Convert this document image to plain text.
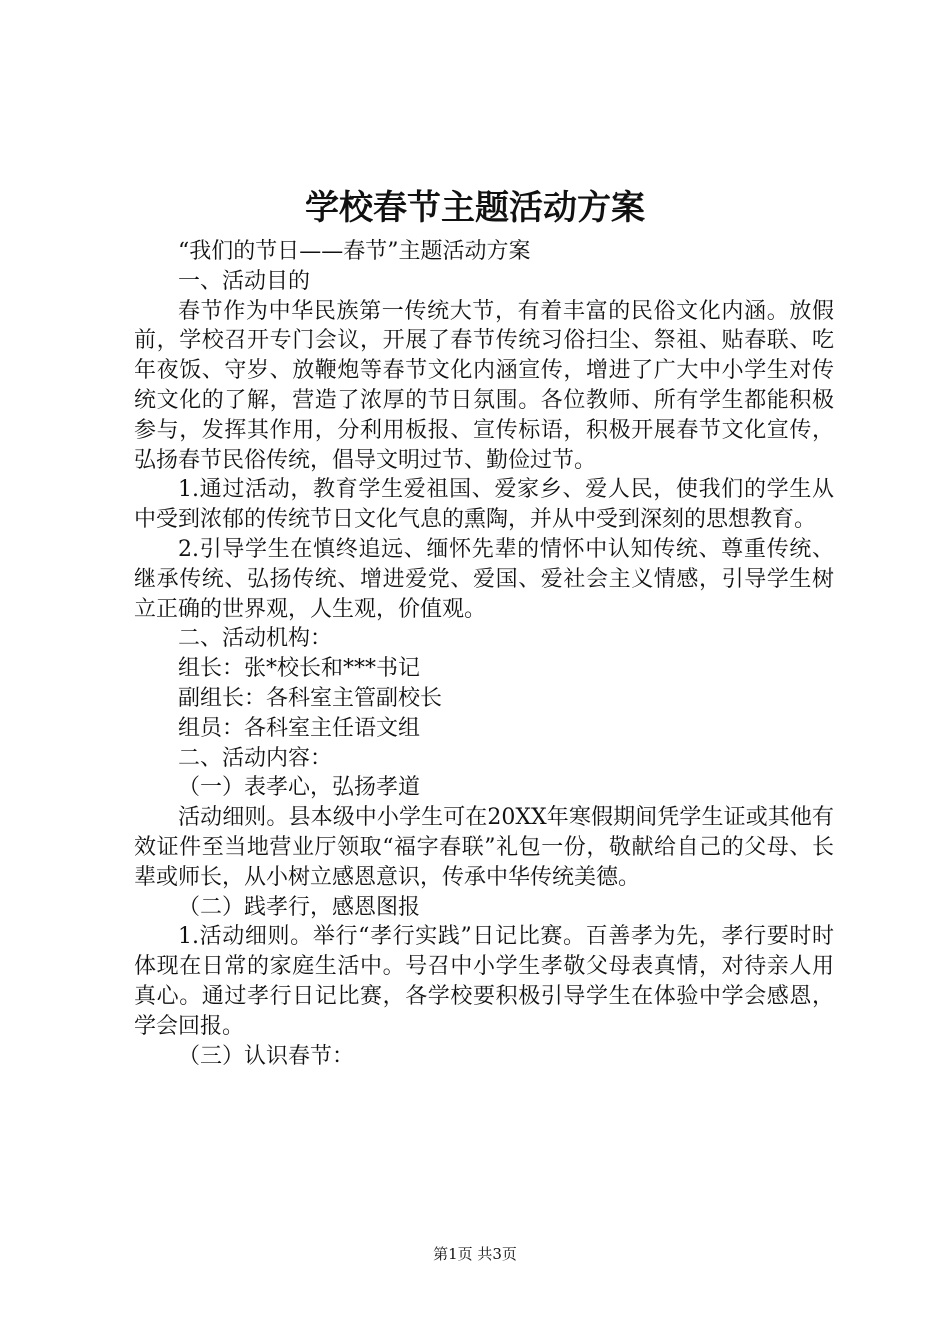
学校春节主题活动方案

“我们的节日——春节”主题活动方案

一、活动目的

春节作为中华民族第一传统大节，有着丰富的民俗文化内涵。放假前，学校召开专门会议，开展了春节传统习俗扫尘、祭祖、贴春联、吃年夜饭、守岁、放鞭炮等春节文化内涵宣传，增进了广大中小学生对传统文化的了解，营造了浓厚的节日氛围。各位教师、所有学生都能积极参与，发挥其作用，分利用板报、宣传标语，积极开展春节文化宣传，弘扬春节民俗传统，倡导文明过节、勤俭过节。

1.通过活动，教育学生爱祖国、爱家乡、爱人民，使我们的学生从中受到浓郁的传统节日文化气息的熏陶，并从中受到深刻的思想教育。

2.引导学生在慎终追远、缅怀先辈的情怀中认知传统、尊重传统、继承传统、弘扬传统、增进爱党、爱国、爱社会主义情感，引导学生树立正确的世界观，人生观，价值观。

二、活动机构：

组长：张*校长和***书记

副组长：各科室主管副校长

组员：各科室主任语文组

二、活动内容：

（一）表孝心，弘扬孝道

活动细则。县本级中小学生可在20XX年寒假期间凭学生证或其他有效证件至当地营业厅领取“福字春联”礼包一份，敬献给自己的父母、长辈或师长，从小树立感恩意识，传承中华传统美德。

（二）践孝行，感恩图报

1.活动细则。举行“孝行实践”日记比赛。百善孝为先，孝行要时时体现在日常的家庭生活中。号召中小学生孝敬父母表真情，对待亲人用真心。通过孝行日记比赛，各学校要积极引导学生在体验中学会感恩，学会回报。

（三）认识春节：

第1页 共3页
